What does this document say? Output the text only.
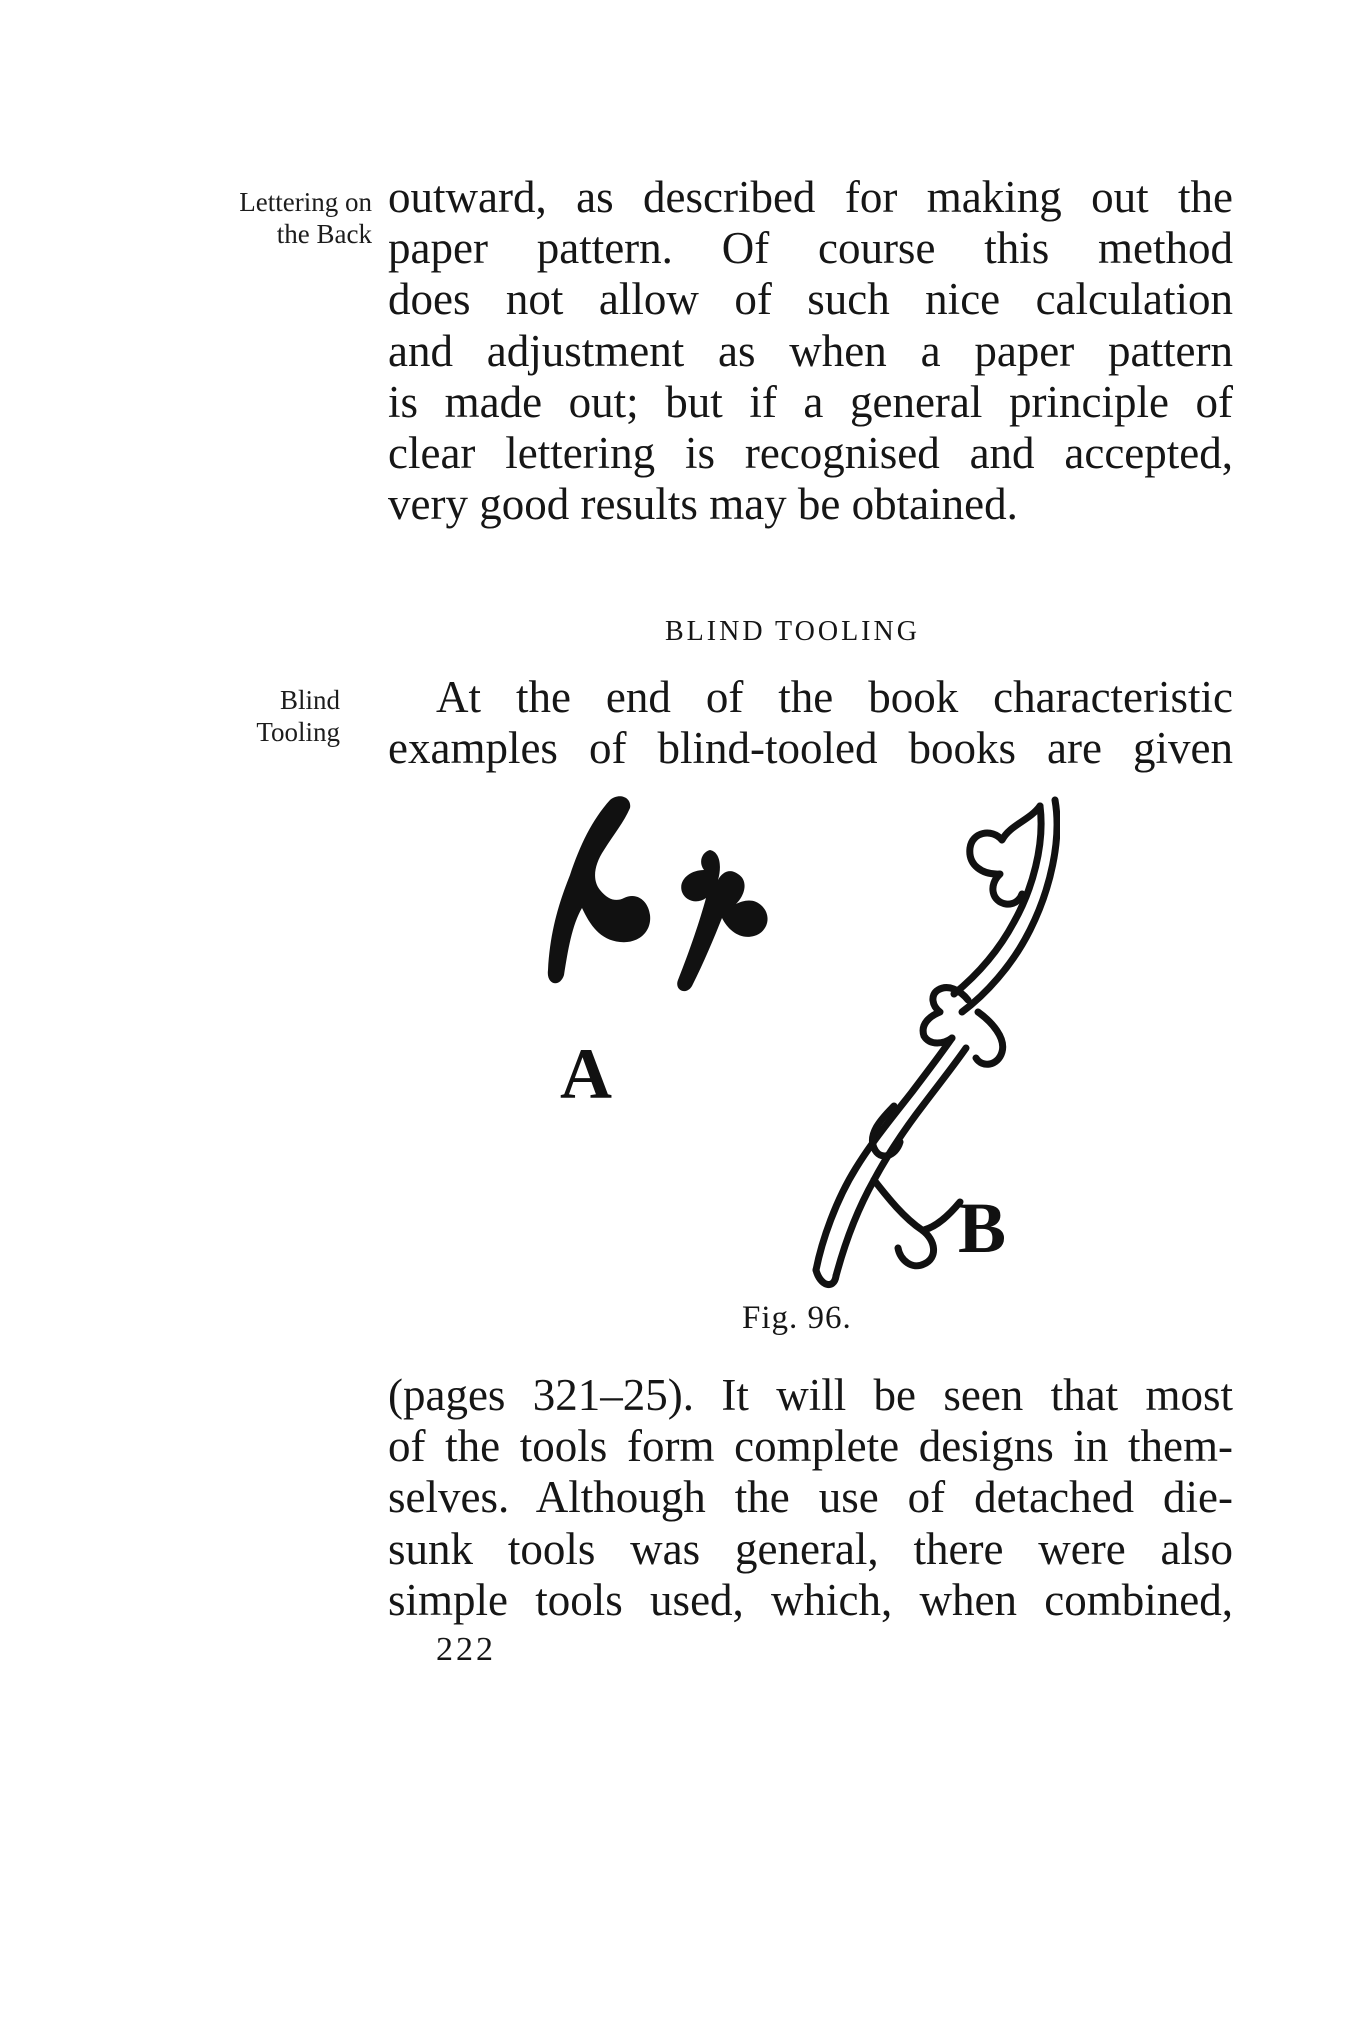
Lettering on
the Back
Blind
Tooling
outward, as described for making out the
paper pattern. Of course this method
does not allow of such nice calculation
and adjustment as when a paper pattern
is made out; but if a general principle of
clear lettering is recognised and accepted,
very good results may be obtained.
BLIND TOOLING
At the end of the book characteristic
examples of blind-tooled books are given
A
B
Fig. 96.
(pages 321–25). It will be seen that most
of the tools form complete designs in them-
selves. Although the use of detached die-
sunk tools was general, there were also
simple tools used, which, when combined,
222
